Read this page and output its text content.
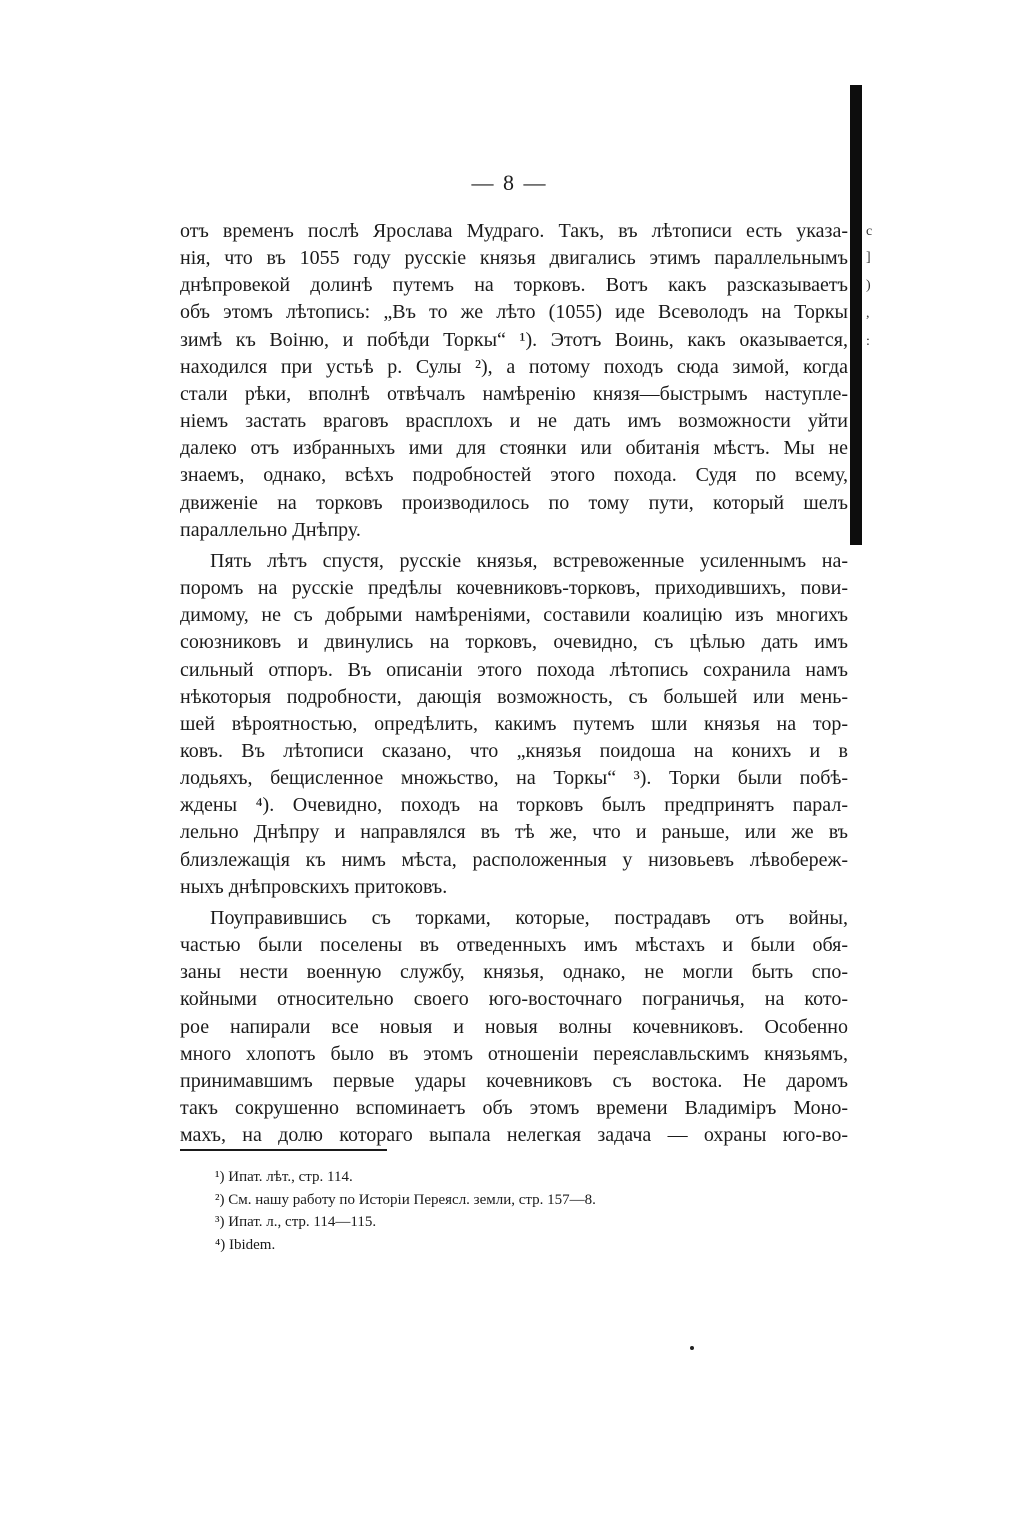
— 8 —
c
]
)
,
:
отъ временъ послѣ Ярослава Мудраго. Такъ, въ лѣтописи есть указа-
нія, что въ 1055 году русскіе князья двигались этимъ параллельнымъ
днѣпровекой долинѣ путемъ на торковъ. Вотъ какъ разсказываетъ
объ этомъ лѣтопись: „Въ то же лѣто (1055) иде Всеволодъ на Торкы
зимѣ къ Воіню, и побѣди Торкы“ ¹). Этотъ Воинь, какъ оказывается,
находился при устьѣ р. Сулы ²), а потому походъ сюда зимой, когда
стали рѣки, вполнѣ отвѣчалъ намѣренію князя—быстрымъ наступле-
ніемъ застать враговъ врасплохъ и не дать имъ возможности уйти
далеко отъ избранныхъ ими для стоянки или обитанія мѣстъ. Мы не
знаемъ, однако, всѣхъ подробностей этого похода. Судя по всему,
движеніе на торковъ производилось по тому пути, который шелъ
параллельно Днѣпру.
Пять лѣтъ спустя, русскіе князья, встревоженные усиленнымъ на-
поромъ на русскіе предѣлы кочевниковъ-торковъ, приходившихъ, пови-
димому, не съ добрыми намѣреніями, составили коалицію изъ многихъ
союзниковъ и двинулись на торковъ, очевидно, съ цѣлью дать имъ
сильный отпоръ. Въ описаніи этого похода лѣтопись сохранила намъ
нѣкоторыя подробности, дающія возможность, съ большей или мень-
шей вѣроятностью, опредѣлить, какимъ путемъ шли князья на тор-
ковъ. Въ лѣтописи сказано, что „князья поидоша на конихъ и в
лодьяхъ, бещисленное множьство, на Торкы“ ³). Торки были побѣ-
ждены ⁴). Очевидно, походъ на торковъ былъ предпринятъ парал-
лельно Днѣпру и направлялся въ тѣ же, что и раньше, или же въ
близлежащія къ нимъ мѣста, расположенныя у низовьевъ лѣвобереж-
ныхъ днѣпровскихъ притоковъ.
Поуправившись съ торками, которые, пострадавъ отъ войны,
частью были поселены въ отведенныхъ имъ мѣстахъ и были обя-
заны нести военную службу, князья, однако, не могли быть спо-
койными относительно своего юго-восточнаго пограничья, на кото-
рое напирали все новыя и новыя волны кочевниковъ. Особенно
много хлопотъ было въ этомъ отношеніи переяславльскимъ князьямъ,
принимавшимъ первые удары кочевниковъ съ востока. Не даромъ
такъ сокрушенно вспоминаетъ объ этомъ времени Владиміръ Моно-
махъ, на долю котораго выпала нелегкая задача — охраны юго-во-
¹) Ипат. лѣт., стр. 114.
²) См. нашу работу по Исторіи Переясл. земли, стр. 157—8.
³) Ипат. л., стр. 114—115.
⁴) Ibidem.
